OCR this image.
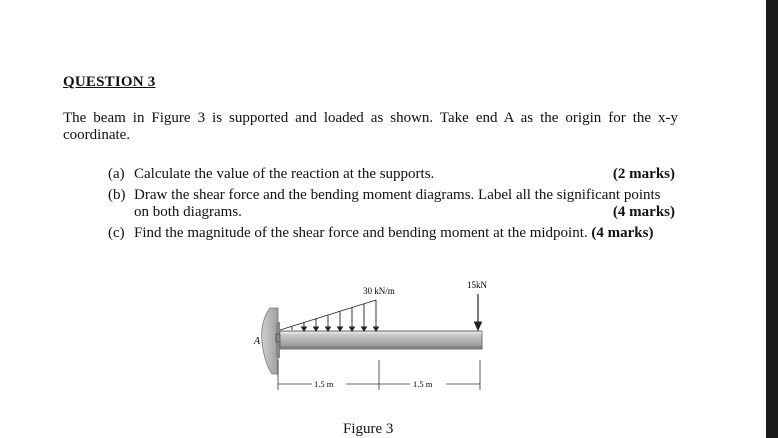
QUESTION 3
The beam in Figure 3 is supported and loaded as shown. Take end A as the origin for the x-y coordinate.
(a) Calculate the value of the reaction at the supports.	(2 marks)
(b) Draw the shear force and the bending moment diagrams. Label all the significant points
on both diagrams.	(4 marks)
(c) Find the magnitude of the shear force and bending moment at the midpoint. (4 marks)
A
30 kN/m
15kN
1.5 m	1.5 m
Figure 3
